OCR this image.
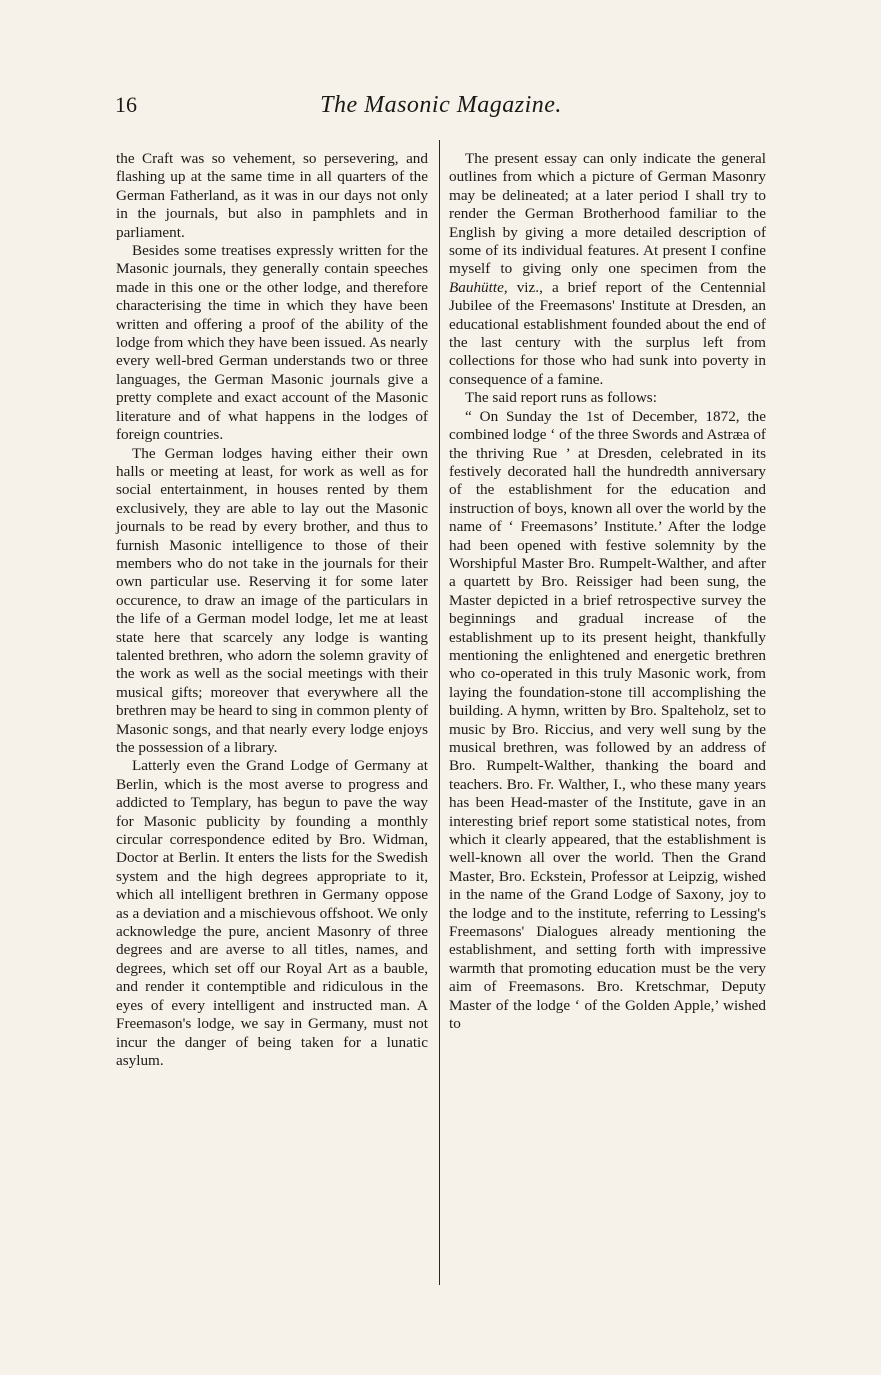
16	The Masonic Magazine.

the Craft was so vehement, so persevering, and flashing up at the same time in all quarters of the German Fatherland, as it was in our days not only in the journals, but also in pamphlets and in parliament.

Besides some treatises expressly written for the Masonic journals, they generally contain speeches made in this one or the other lodge, and therefore characterising the time in which they have been written and offering a proof of the ability of the lodge from which they have been issued. As nearly every well-bred German understands two or three languages, the German Masonic journals give a pretty complete and exact account of the Masonic literature and of what happens in the lodges of foreign countries.

The German lodges having either their own halls or meeting at least, for work as well as for social entertainment, in houses rented by them exclusively, they are able to lay out the Masonic journals to be read by every brother, and thus to furnish Masonic intelligence to those of their members who do not take in the journals for their own particular use. Reserving it for some later occurence, to draw an image of the particulars in the life of a German model lodge, let me at least state here that scarcely any lodge is wanting talented brethren, who adorn the solemn gravity of the work as well as the social meetings with their musical gifts; moreover that everywhere all the brethren may be heard to sing in common plenty of Masonic songs, and that nearly every lodge enjoys the possession of a library.

Latterly even the Grand Lodge of Germany at Berlin, which is the most averse to progress and addicted to Templary, has begun to pave the way for Masonic publicity by founding a monthly circular correspondence edited by Bro. Widman, Doctor at Berlin. It enters the lists for the Swedish system and the high degrees appropriate to it, which all intelligent brethren in Germany oppose as a deviation and a mischievous offshoot. We only acknowledge the pure, ancient Masonry of three degrees and are averse to all titles, names, and degrees, which set off our Royal Art as a bauble, and render it contemptible and ridiculous in the eyes of every intelligent and instructed man. A Freemason's lodge, we say in Germany, must not incur the danger of being taken for a lunatic asylum.

The present essay can only indicate the general outlines from which a picture of German Masonry may be delineated; at a later period I shall try to render the German Brotherhood familiar to the English by giving a more detailed description of some of its individual features. At present I confine myself to giving only one specimen from the Bauhütte, viz., a brief report of the Centennial Jubilee of the Freemasons' Institute at Dresden, an educational establishment founded about the end of the last century with the surplus left from collections for those who had sunk into poverty in consequence of a famine.

The said report runs as follows:

“ On Sunday the 1st of December, 1872, the combined lodge ‘ of the three Swords and Astræa of the thriving Rue ’ at Dresden, celebrated in its festively decorated hall the hundredth anniversary of the establishment for the education and instruction of boys, known all over the world by the name of ‘ Freemasons’ Institute.’ After the lodge had been opened with festive solemnity by the Worshipful Master Bro. Rumpelt-Walther, and after a quartett by Bro. Reissiger had been sung, the Master depicted in a brief retrospective survey the beginnings and gradual increase of the establishment up to its present height, thankfully mentioning the enlightened and energetic brethren who co-operated in this truly Masonic work, from laying the foundation-stone till accomplishing the building. A hymn, written by Bro. Spalteholz, set to music by Bro. Riccius, and very well sung by the musical brethren, was followed by an address of Bro. Rumpelt-Walther, thanking the board and teachers. Bro. Fr. Walther, I., who these many years has been Head-master of the Institute, gave in an interesting brief report some statistical notes, from which it clearly appeared, that the establishment is well-known all over the world. Then the Grand Master, Bro. Eckstein, Professor at Leipzig, wished in the name of the Grand Lodge of Saxony, joy to the lodge and to the institute, referring to Lessing's Freemasons' Dialogues already mentioning the establishment, and setting forth with impressive warmth that promoting education must be the very aim of Freemasons. Bro. Kretschmar, Deputy Master of the lodge ‘ of the Golden Apple,’ wished to
